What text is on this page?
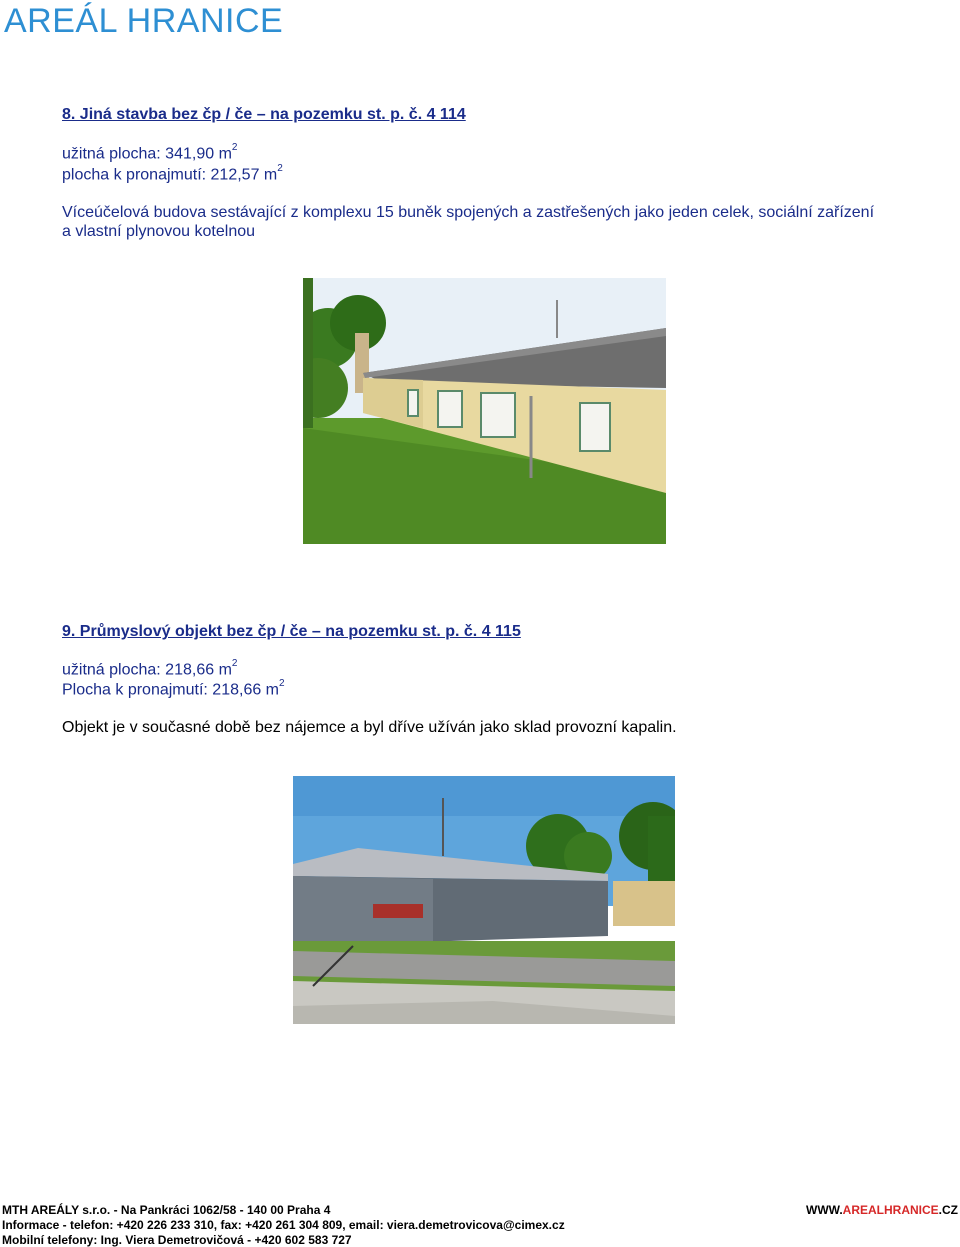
AREÁL HRANICE
8. Jiná stavba bez čp / če – na pozemku st. p. č. 4 114
užitná plocha: 341,90 $m^2$
plocha k pronajmutí: 212,57 $m^2$
Víceúčelová budova sestávající z komplexu 15 buněk spojených a zastřešených jako jeden celek, sociální zařízení a vlastní plynovou kotelnou
9. Průmyslový objekt bez čp / če – na pozemku st. p. č. 4 115
užitná plocha: 218,66 $m^2$
Plocha k pronajmutí: 218,66 $m^2$
Objekt je v současné době bez nájemce a byl dříve užíván jako sklad provozní kapalin.
MTH AREÁLY s.r.o. - Na Pankráci 1062/58 - 140 00 Praha 4
Informace - telefon: +420 226 233 310, fax: +420 261 304 809, email: viera.demetrovicova@cimex.cz
Mobilní telefony: Ing. Viera Demetrovičová - +420 602 583 727
WWW.AREALHRANICE.CZ
